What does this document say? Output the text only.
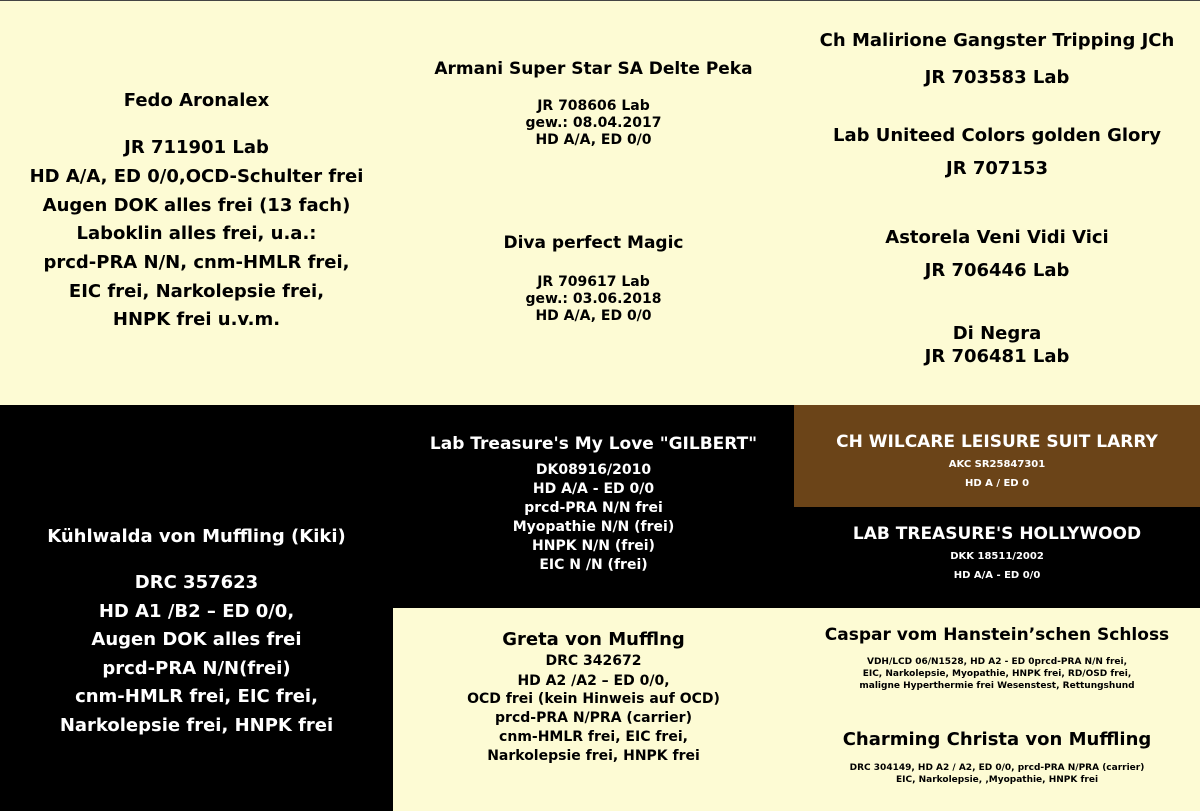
Fedo Aronalex
JR 711901 Lab
HD A/A, ED 0/0,OCD-Schulter frei
Augen DOK alles frei (13 fach)
Laboklin alles frei, u.a.:
prcd-PRA N/N, cnm-HMLR frei,
EIC frei, Narkolepsie frei,
HNPK frei u.v.m.
Armani Super Star SA Delte Peka
JR 708606 Lab
gew.: 08.04.2017
HD A/A, ED 0/0
Diva perfect Magic
JR 709617 Lab
gew.: 03.06.2018
HD A/A, ED 0/0
Ch Malirione Gangster Tripping JCh
JR 703583 Lab
Lab Uniteed Colors golden Glory
JR 707153
Astorela Veni Vidi Vici
JR 706446 Lab
Di Negra
JR 706481 Lab
Kühlwalda von Muffling (Kiki)
DRC 357623
HD A1 /B2 – ED 0/0,
Augen DOK alles frei
prcd-PRA N/N(frei)
cnm-HMLR frei, EIC frei,
Narkolepsie frei, HNPK frei
Lab Treasure's My Love "GILBERT"
DK08916/2010
HD A/A - ED 0/0
prcd-PRA N/N frei
Myopathie N/N (frei)
HNPK N/N (frei)
EIC N /N (frei)
CH WILCARE LEISURE SUIT LARRY
AKC SR25847301
HD A / ED 0
LAB TREASURE'S HOLLYWOOD
DKK 18511/2002
HD A/A - ED 0/0
Greta von Mufflng
DRC 342672
HD A2 /A2 – ED 0/0,
OCD frei (kein Hinweis auf OCD)
prcd-PRA N/PRA (carrier)
cnm-HMLR frei, EIC frei,
Narkolepsie frei, HNPK frei
Caspar vom Hanstein’schen Schloss
VDH/LCD 06/N1528, HD A2 - ED 0prcd-PRA N/N frei,
EIC, Narkolepsie, Myopathie, HNPK frei, RD/OSD frei,
maligne Hyperthermie frei Wesenstest, Rettungshund
Charming Christa von Muffling
DRC 304149, HD A2 / A2, ED 0/0, prcd-PRA N/PRA (carrier)
EIC, Narkolepsie, ,Myopathie, HNPK frei
